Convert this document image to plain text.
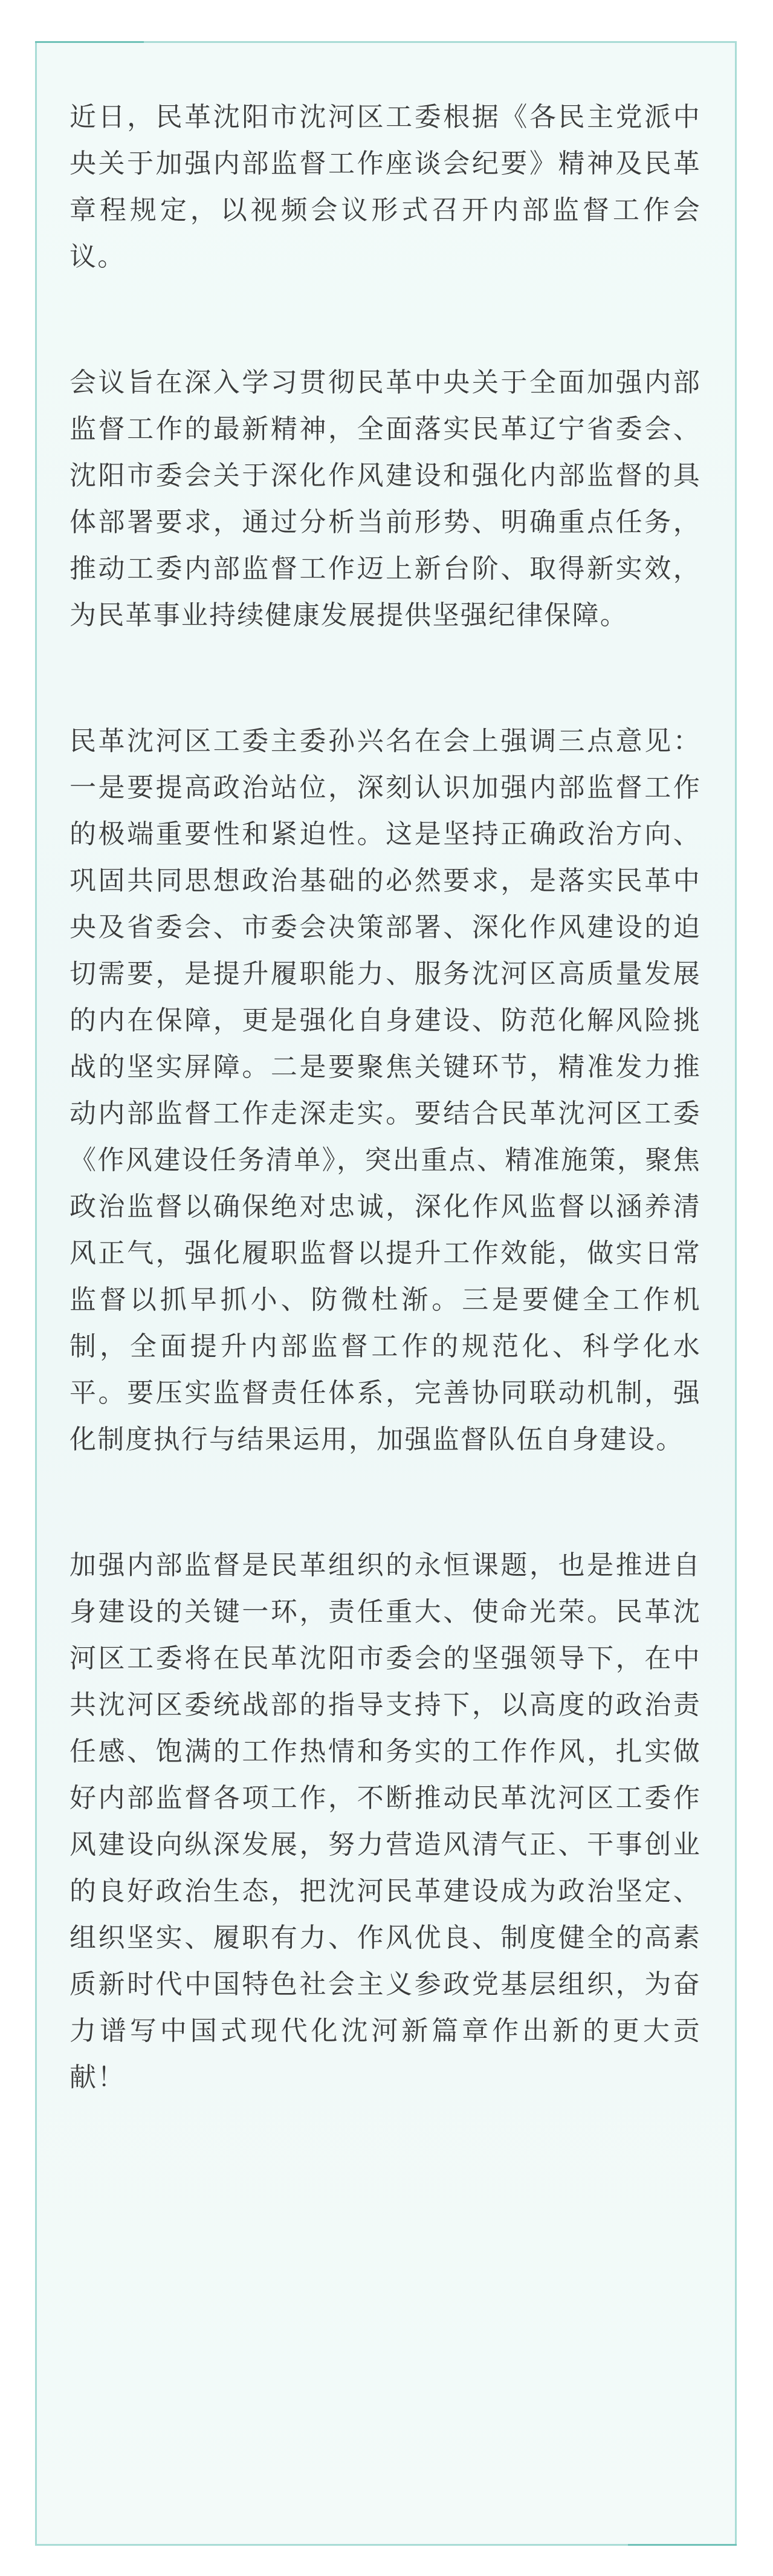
近日，民革沈阳市沈河区工委根据《各民主党派中央关于加强内部监督工作座谈会纪要》精神及民革章程规定，以视频会议形式召开内部监督工作会议。

会议旨在深入学习贯彻民革中央关于全面加强内部监督工作的最新精神，全面落实民革辽宁省委会、沈阳市委会关于深化作风建设和强化内部监督的具体部署要求，通过分析当前形势、明确重点任务，推动工委内部监督工作迈上新台阶、取得新实效，为民革事业持续健康发展提供坚强纪律保障。

民革沈河区工委主委孙兴名在会上强调三点意见：一是要提高政治站位，深刻认识加强内部监督工作的极端重要性和紧迫性。这是坚持正确政治方向、巩固共同思想政治基础的必然要求，是落实民革中央及省委会、市委会决策部署、深化作风建设的迫切需要，是提升履职能力、服务沈河区高质量发展的内在保障，更是强化自身建设、防范化解风险挑战的坚实屏障。二是要聚焦关键环节，精准发力推动内部监督工作走深走实。要结合民革沈河区工委《作风建设任务清单》，突出重点、精准施策，聚焦政治监督以确保绝对忠诚，深化作风监督以涵养清风正气，强化履职监督以提升工作效能，做实日常监督以抓早抓小、防微杜渐。三是要健全工作机制，全面提升内部监督工作的规范化、科学化水平。要压实监督责任体系，完善协同联动机制，强化制度执行与结果运用，加强监督队伍自身建设。

加强内部监督是民革组织的永恒课题，也是推进自身建设的关键一环，责任重大、使命光荣。民革沈河区工委将在民革沈阳市委会的坚强领导下，在中共沈河区委统战部的指导支持下，以高度的政治责任感、饱满的工作热情和务实的工作作风，扎实做好内部监督各项工作，不断推动民革沈河区工委作风建设向纵深发展，努力营造风清气正、干事创业的良好政治生态，把沈河民革建设成为政治坚定、组织坚实、履职有力、作风优良、制度健全的高素质新时代中国特色社会主义参政党基层组织，为奋力谱写中国式现代化沈河新篇章作出新的更大贡献！
